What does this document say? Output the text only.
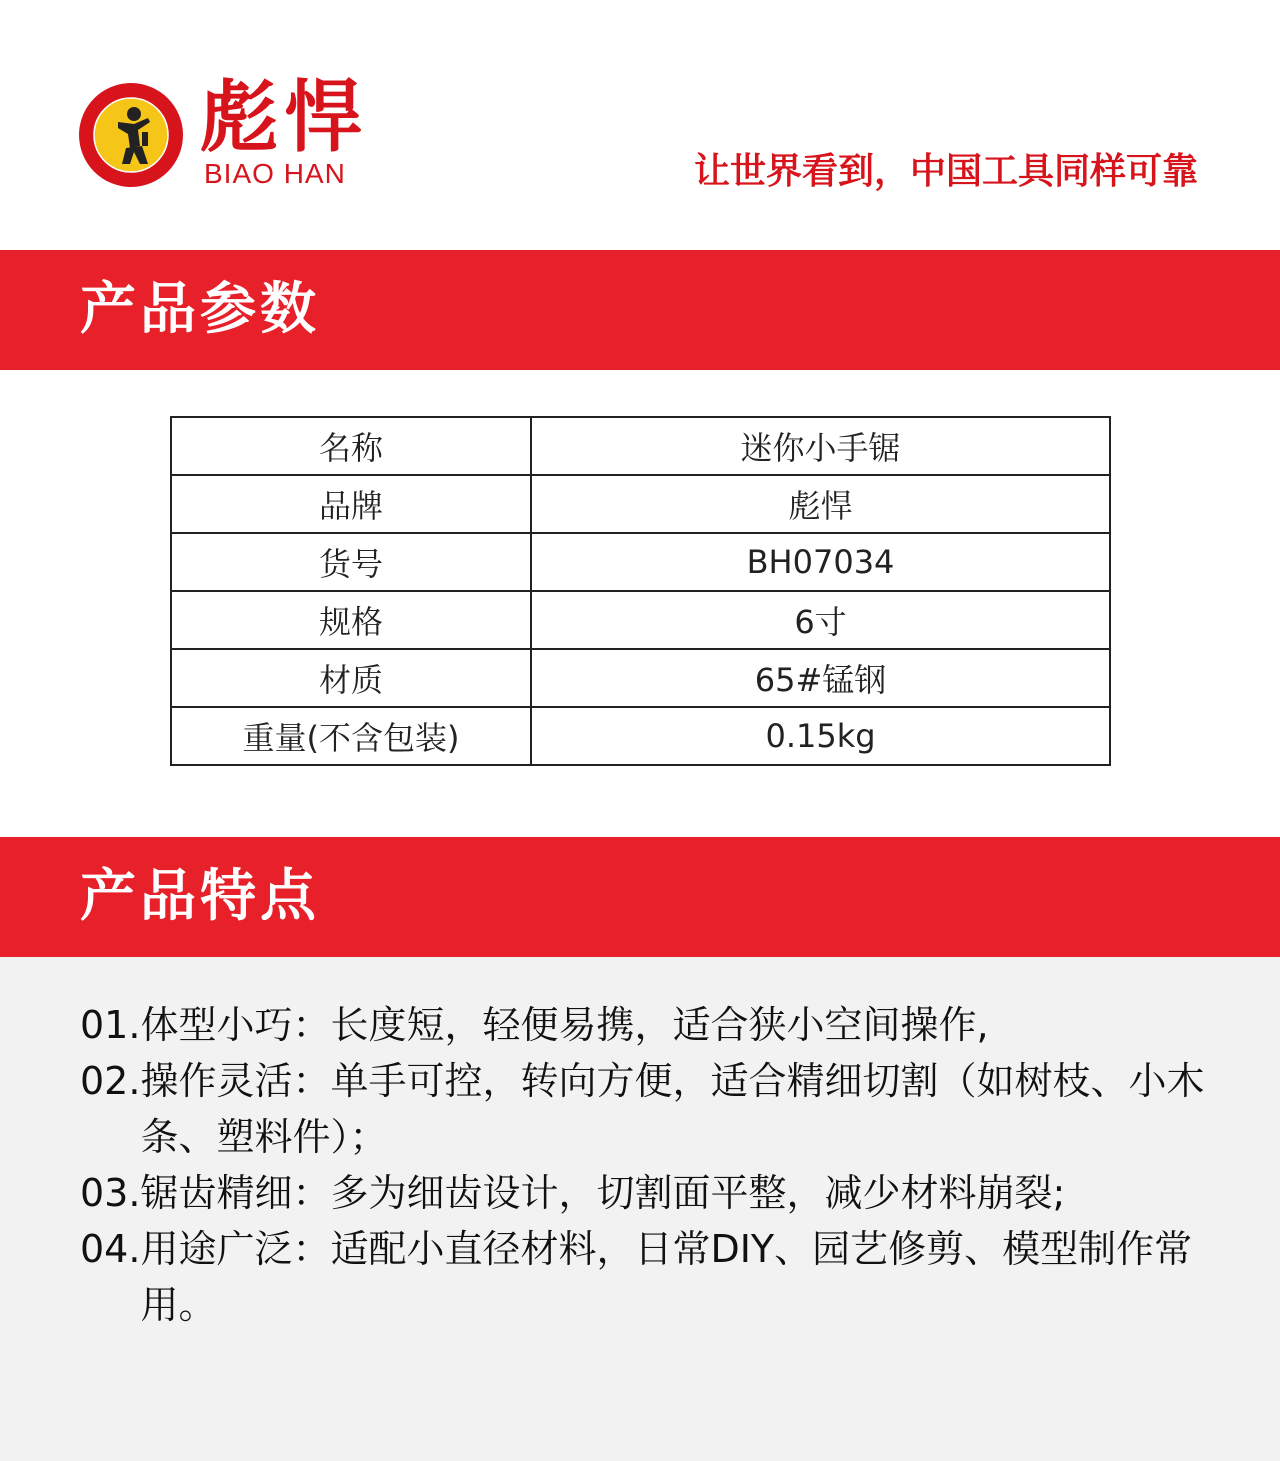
彪悍
BIAO HAN	让世界看到，中国工具同样可靠
产品参数
名称	迷你小手锯
品牌	彪悍
货号	BH07034
规格	6寸
材质	65#锰钢
重量(不含包装)	0.15kg
产品特点
01. 体型小巧：长度短，轻便易携，适合狭小空间操作,
02. 操作灵活：单手可控，转向方便，适合精细切割（如树枝、小木条、塑料件）；
03. 锯齿精细：多为细齿设计，切割面平整，减少材料崩裂;
04. 用途广泛：适配小直径材料，日常DIY、园艺修剪、模型制作常用。
